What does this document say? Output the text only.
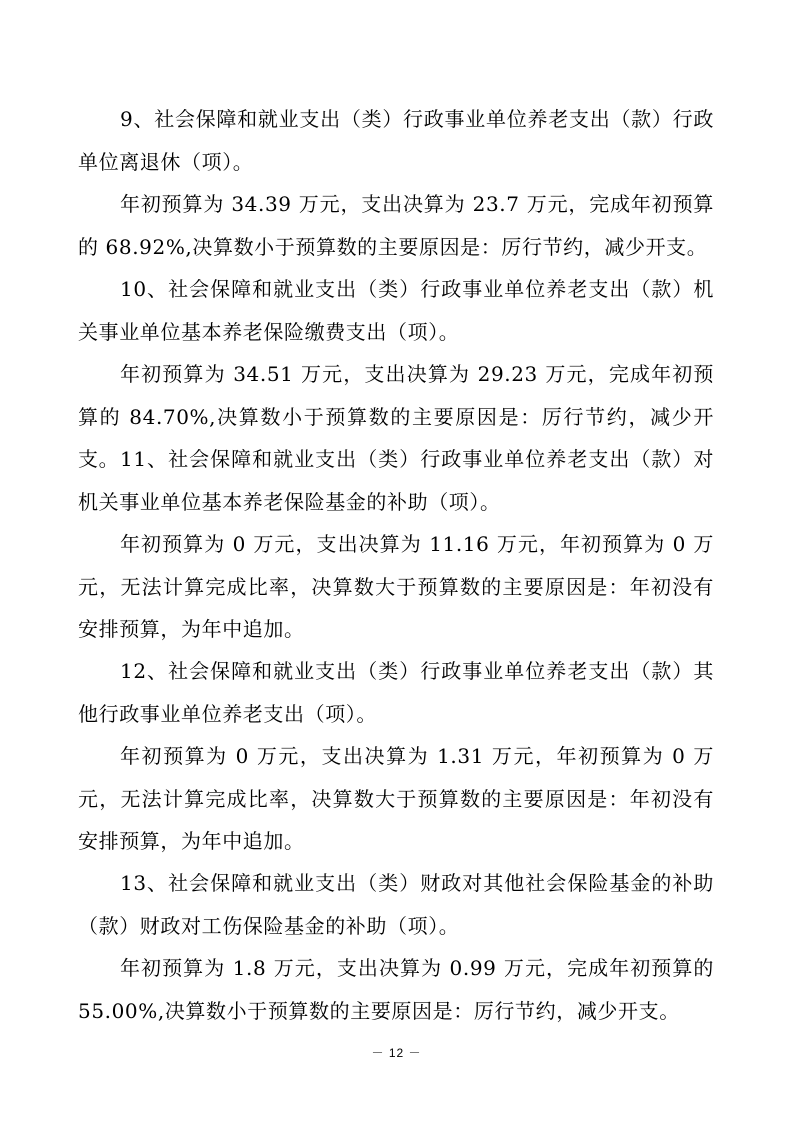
9、社会保障和就业支出（类）行政事业单位养老支出（款）行政单位离退休（项）。

年初预算为 34.39 万元，支出决算为 23.7 万元，完成年初预算的 68.92%,决算数小于预算数的主要原因是：厉行节约，减少开支。

10、社会保障和就业支出（类）行政事业单位养老支出（款）机关事业单位基本养老保险缴费支出（项）。

年初预算为 34.51 万元，支出决算为 29.23 万元，完成年初预算的 84.70%,决算数小于预算数的主要原因是：厉行节约，减少开支。 11、社会保障和就业支出（类）行政事业单位养老支出（款）对机关事业单位基本养老保险基金的补助（项）。

年初预算为 0 万元，支出决算为 11.16 万元，年初预算为 0 万元，无法计算完成比率，决算数大于预算数的主要原因是：年初没有安排预算，为年中追加。

12、社会保障和就业支出（类）行政事业单位养老支出（款）其他行政事业单位养老支出（项）。

年初预算为 0 万元，支出决算为 1.31 万元，年初预算为 0 万元，无法计算完成比率，决算数大于预算数的主要原因是：年初没有安排预算，为年中追加。

13、社会保障和就业支出（类）财政对其他社会保险基金的补助（款）财政对工伤保险基金的补助（项）。

年初预算为 1.8 万元，支出决算为 0.99 万元，完成年初预算的 55.00%,决算数小于预算数的主要原因是：厉行节约，减少开支。

－ 12 －
